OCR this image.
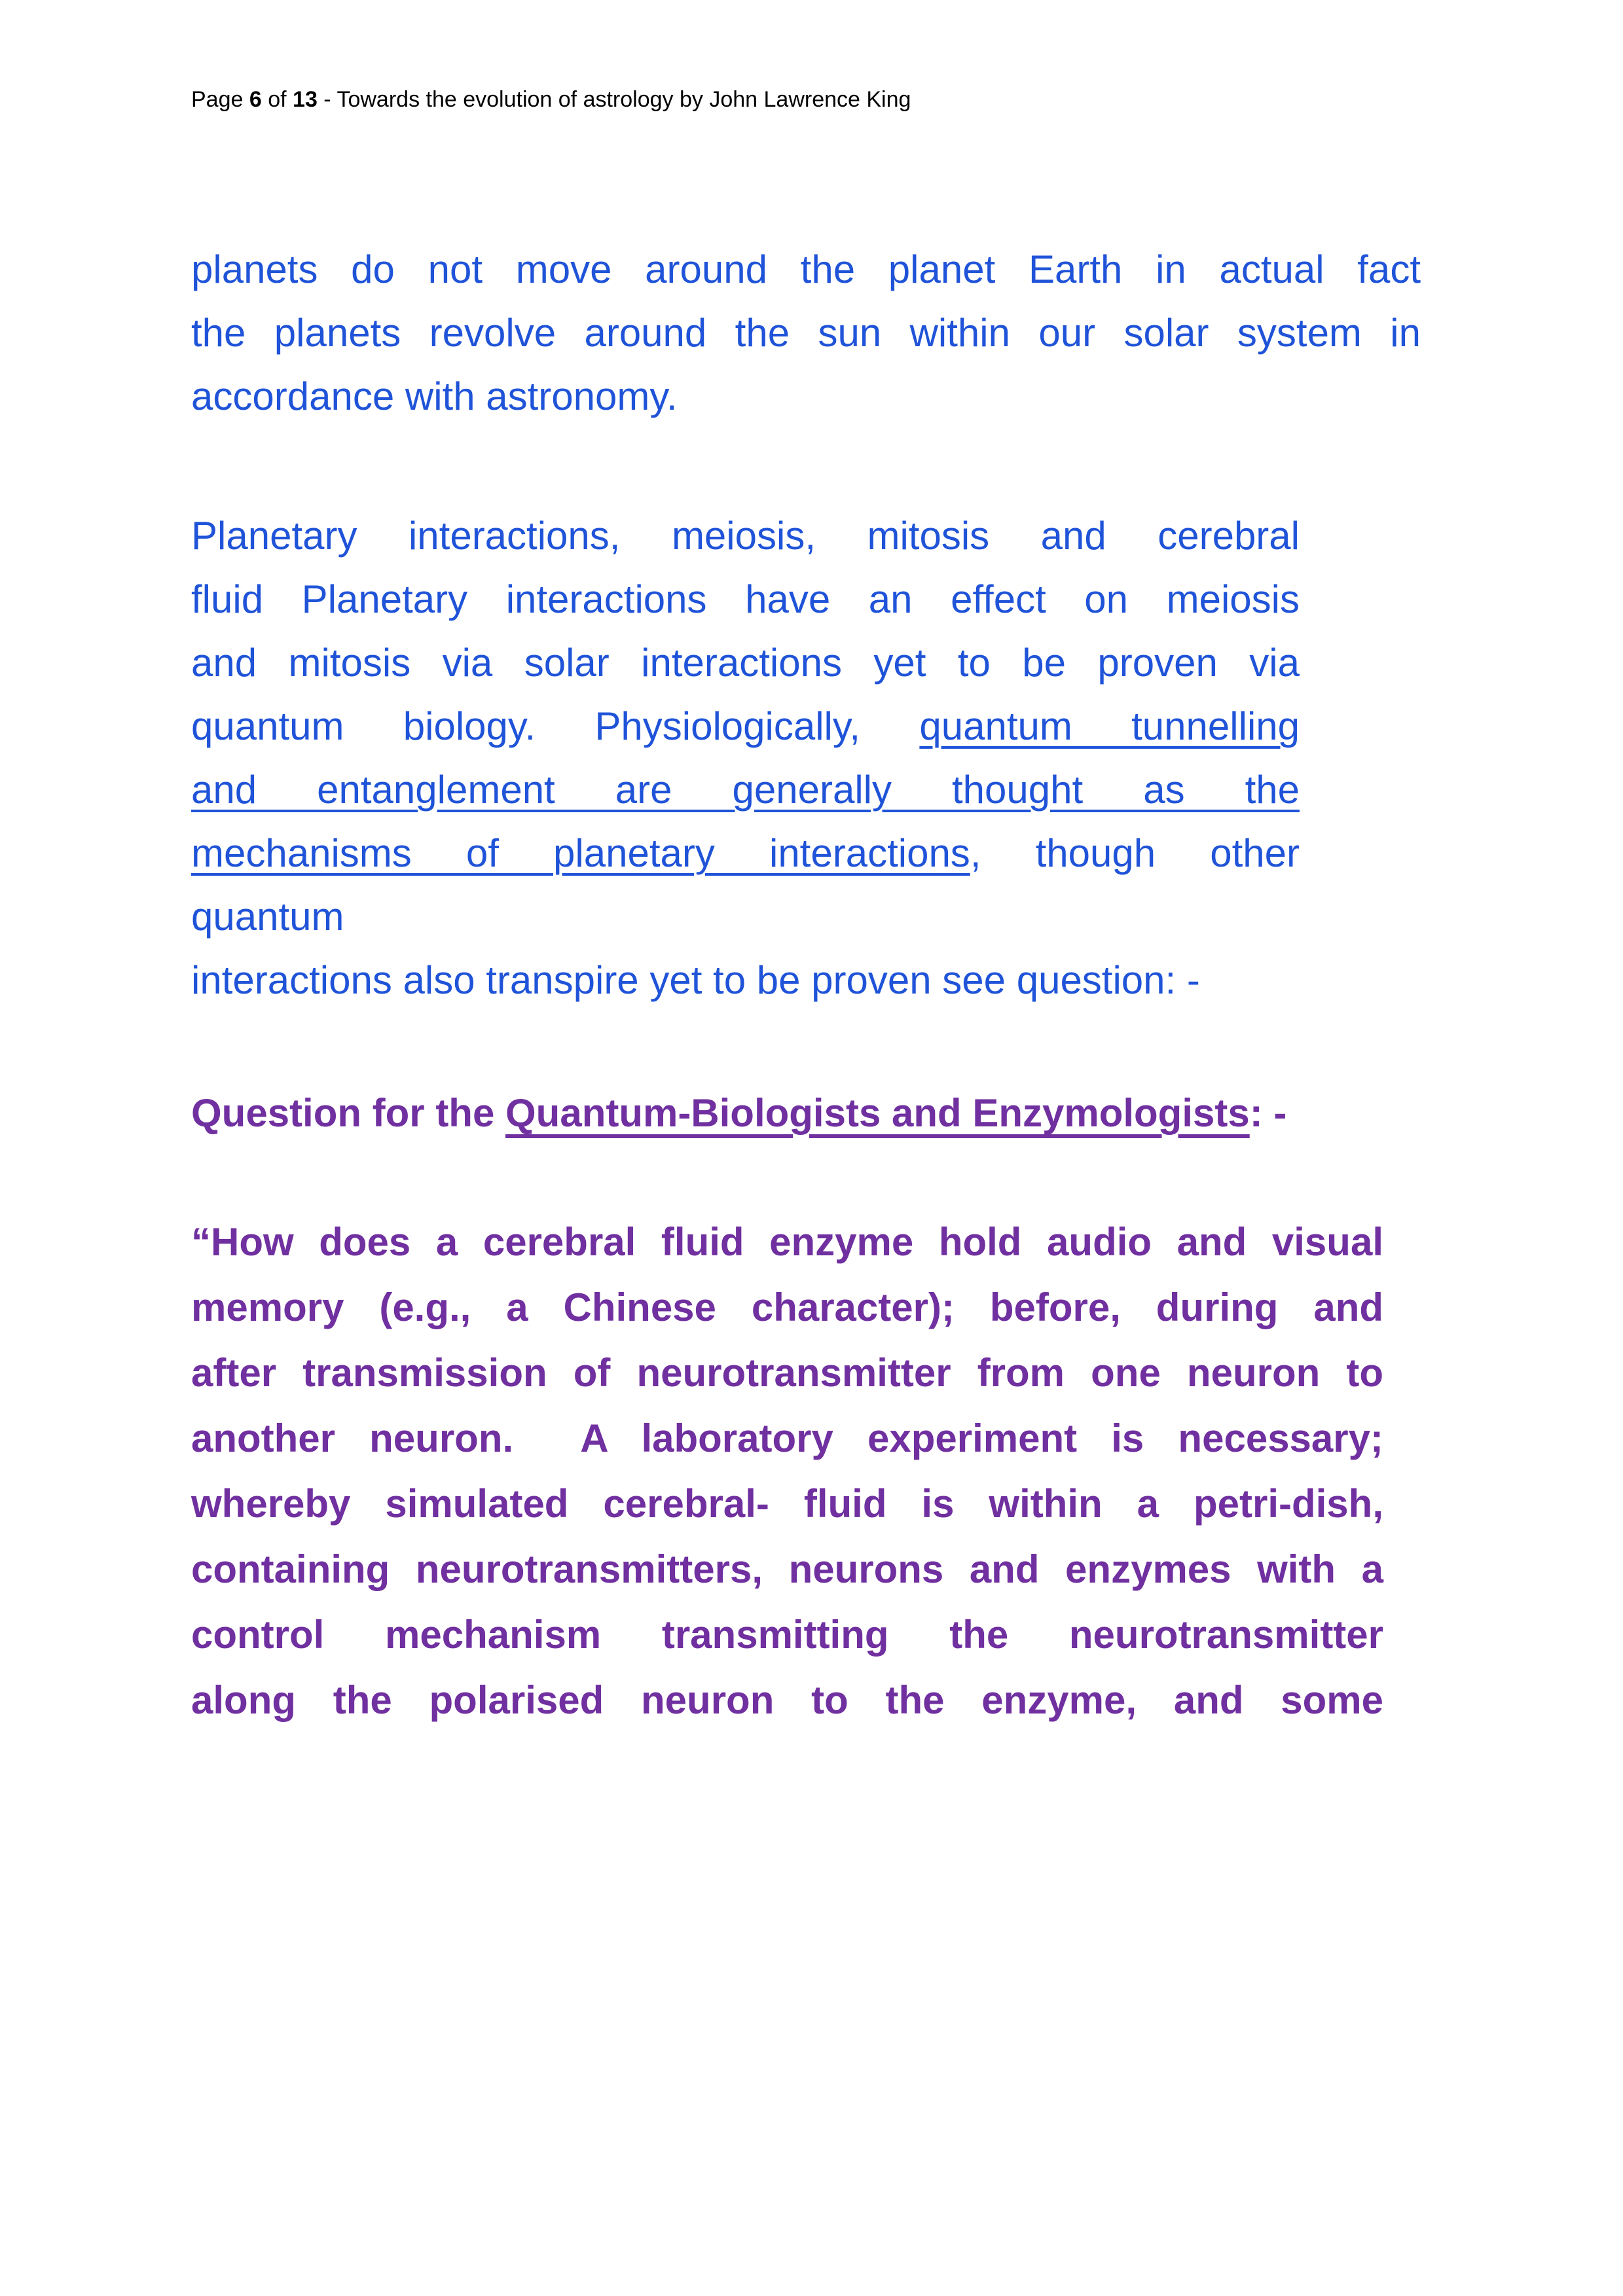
Page 6 of 13 - Towards the evolution of astrology by John Lawrence King
planets do not move around the planet Earth in actual fact
the planets revolve around the sun within our solar system in
accordance with astronomy.
Planetary interactions, meiosis, mitosis and cerebral
fluid Planetary interactions have an effect on meiosis
and mitosis via solar interactions yet to be proven via
quantum biology. Physiologically, quantum tunnelling
and entanglement are generally thought as the
mechanisms of planetary interactions, though other
quantum
interactions also transpire yet to be proven see question: -
Question for the Quantum-Biologists and Enzymologists: -
“How does a cerebral fluid enzyme hold audio and visual
memory (e.g., a Chinese character); before, during and
after transmission of neurotransmitter from one neuron to
another neuron.  A laboratory experiment is necessary;
whereby simulated cerebral- fluid is within a petri-dish,
containing neurotransmitters, neurons and enzymes with a
control mechanism transmitting the neurotransmitter
along the polarised neuron to the enzyme, and some
